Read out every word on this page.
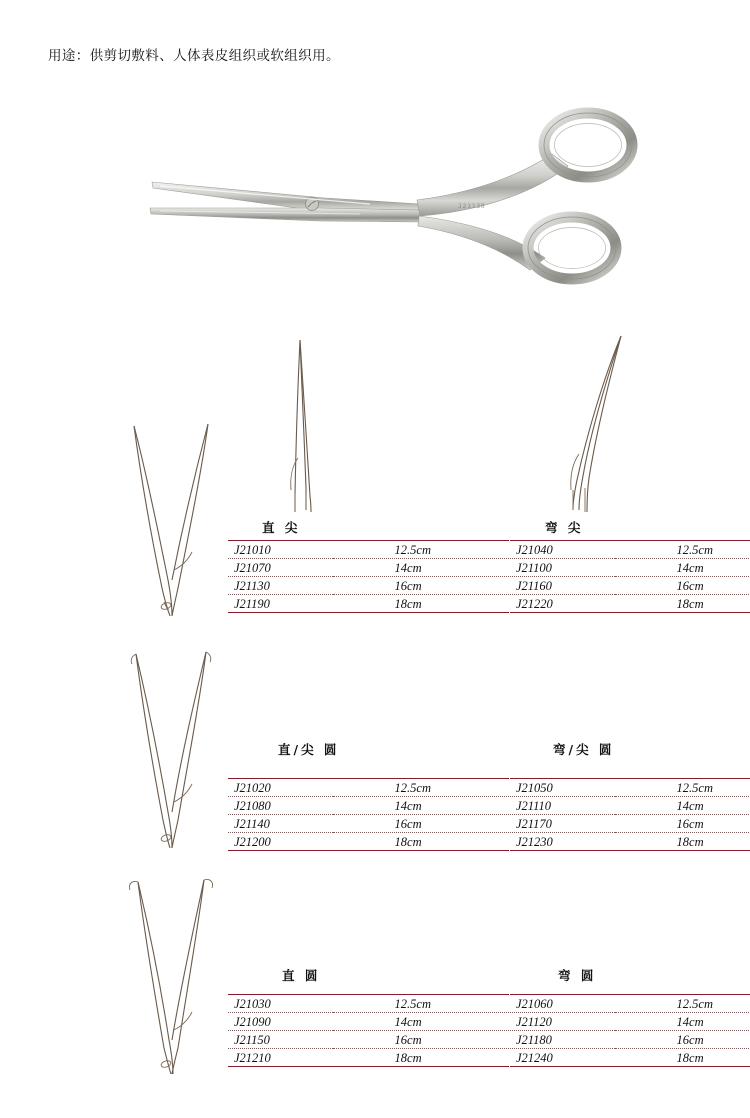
用途：供剪切敷料、人体表皮组织或软组织用。
J21130
直 尖	弯 尖
J21010	12.5cm
J21070	14cm
J21130	16cm
J21190	18cm
J21040	12.5cm
J21100	14cm
J21160	16cm
J21220	18cm
直/尖 圆	弯/尖 圆
J21020	12.5cm
J21080	14cm
J21140	16cm
J21200	18cm
J21050	12.5cm
J21110	14cm
J21170	16cm
J21230	18cm
直 圆	弯 圆
J21030	12.5cm
J21090	14cm
J21150	16cm
J21210	18cm
J21060	12.5cm
J21120	14cm
J21180	16cm
J21240	18cm
